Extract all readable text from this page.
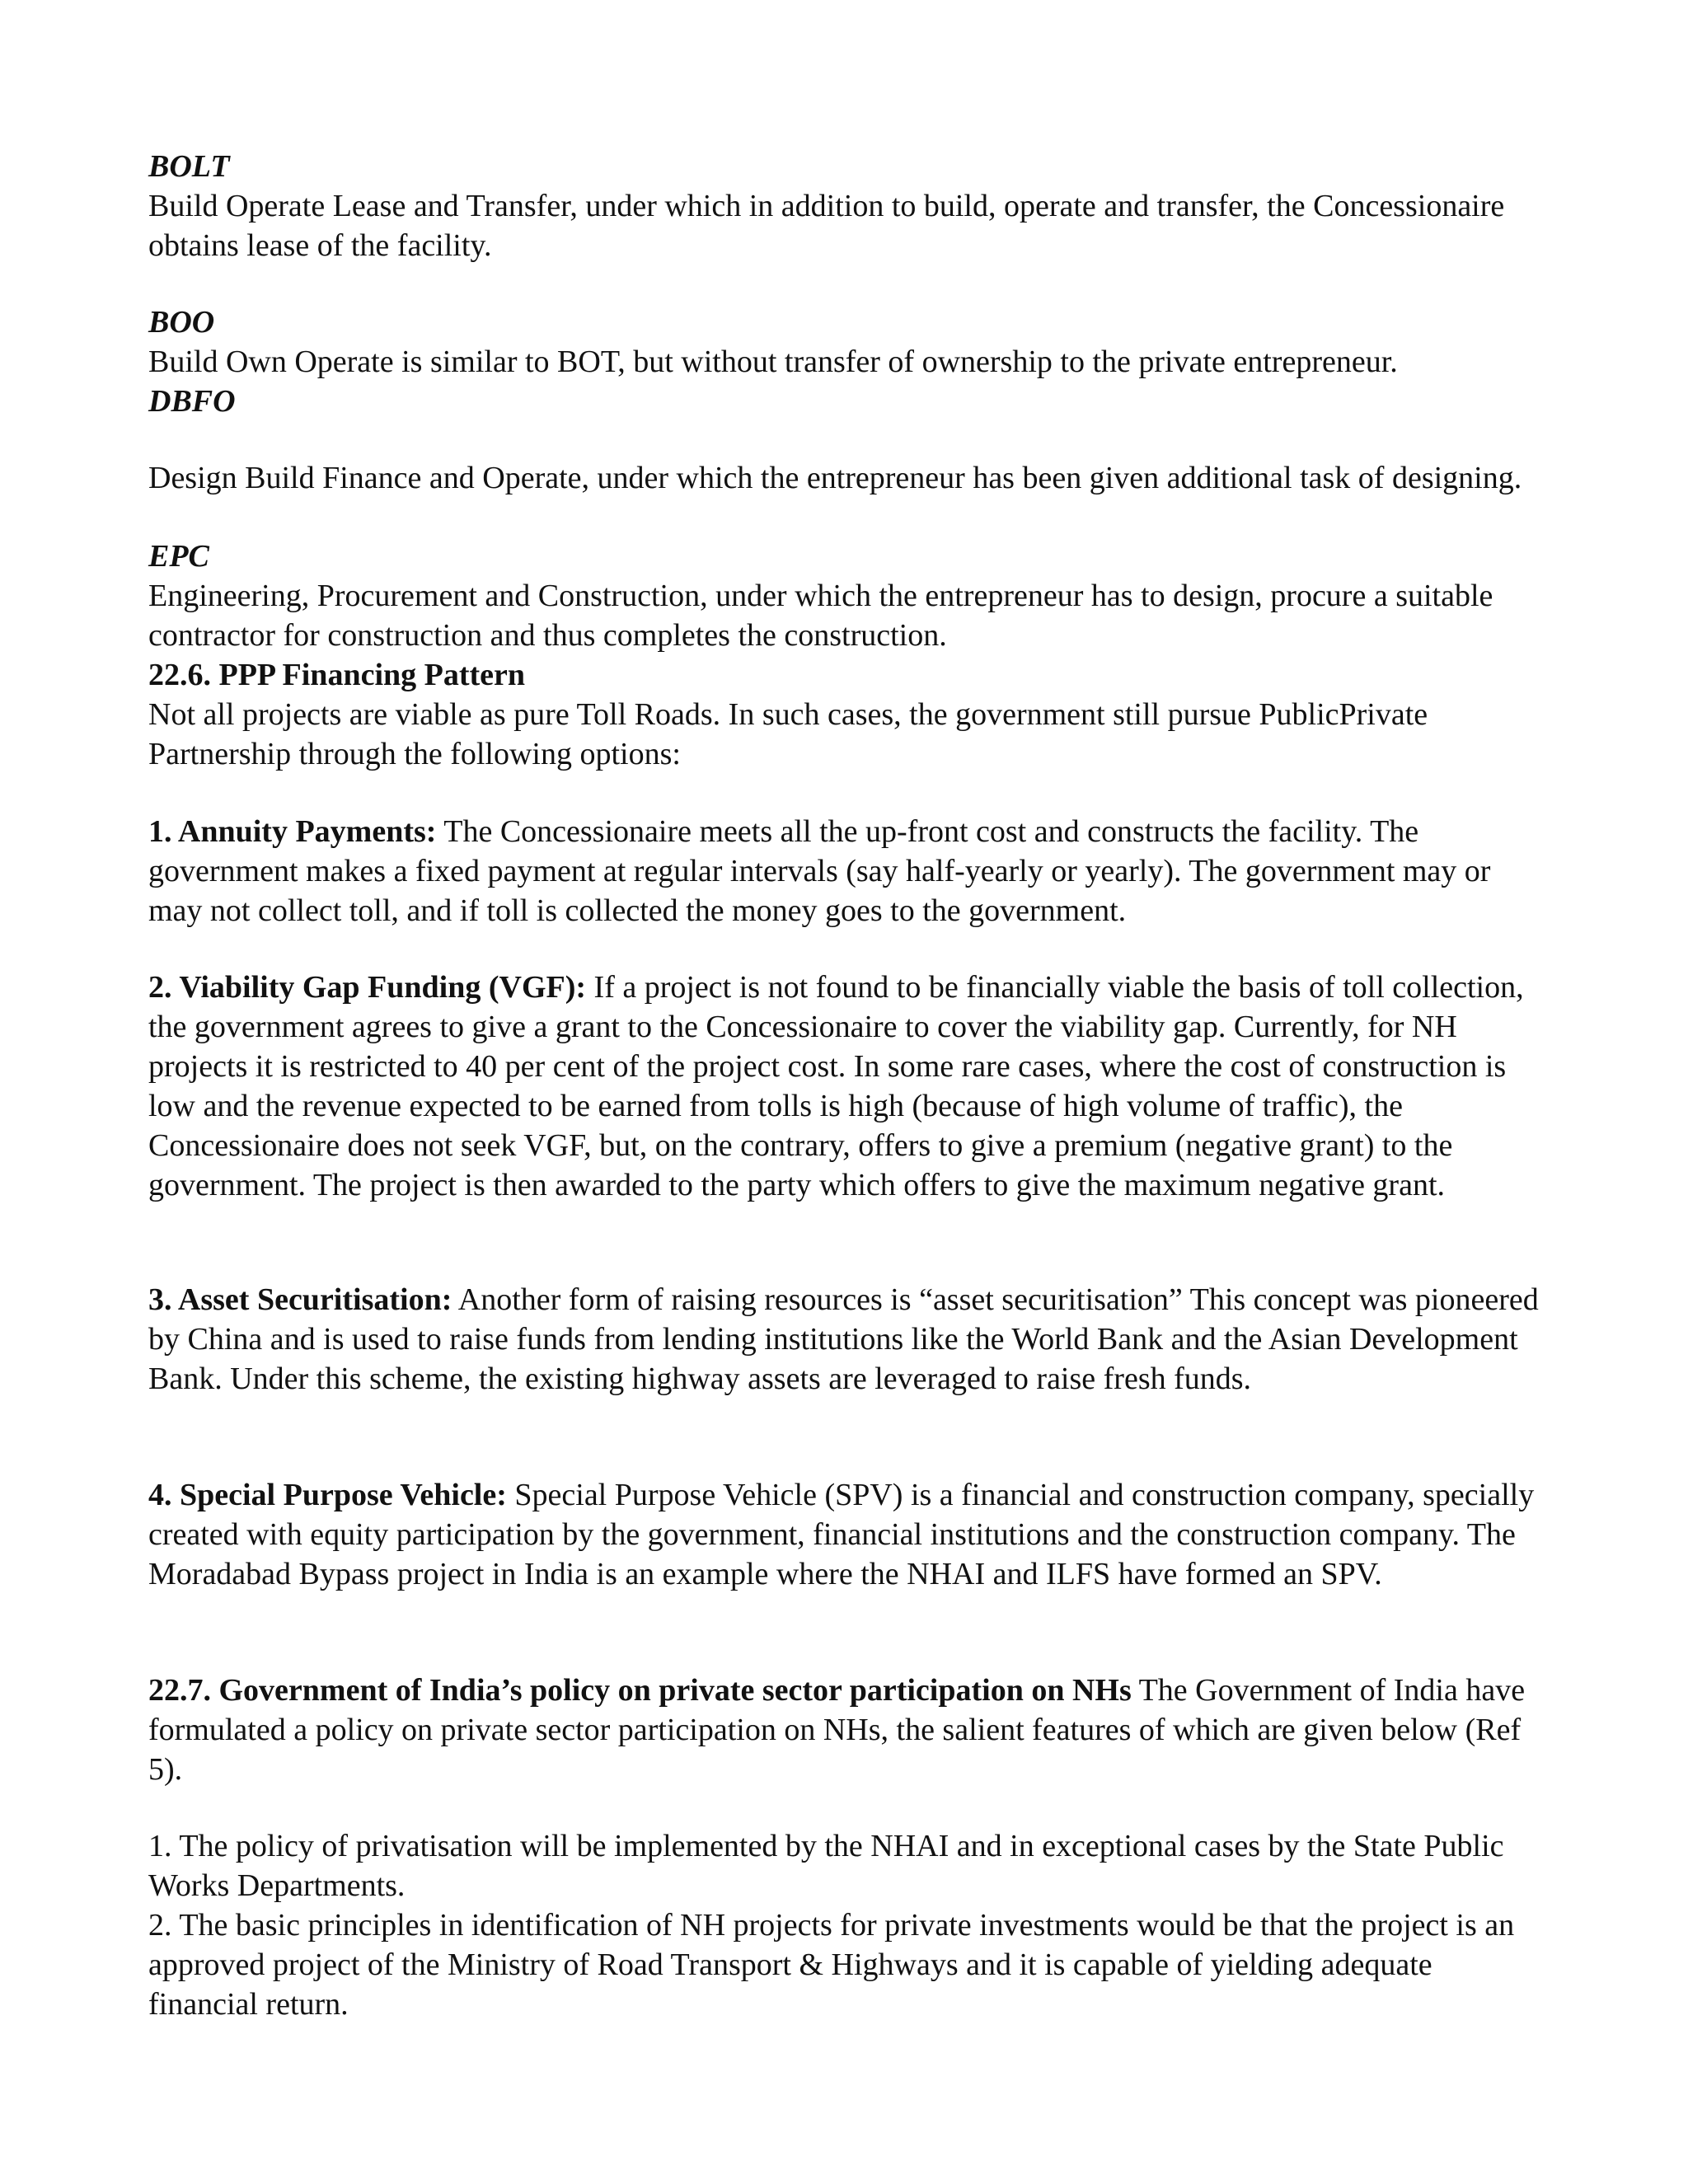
BOLT

Build Operate Lease and Transfer, under which in addition to build, operate and transfer, the Concessionaire obtains lease of the facility.

BOO

Build Own Operate is similar to BOT, but without transfer of ownership to the private entrepreneur.

DBFO

Design Build Finance and Operate, under which the entrepreneur has been given additional task of designing.

EPC

Engineering, Procurement and Construction, under which the entrepreneur has to design, procure a suitable contractor for construction and thus completes the construction.

22.6. PPP Financing Pattern

Not all projects are viable as pure Toll Roads. In such cases, the government still pursue PublicPrivate Partnership through the following options:

1. Annuity Payments: The Concessionaire meets all the up-front cost and constructs the facility. The government makes a fixed payment at regular intervals (say half-yearly or yearly). The government may or may not collect toll, and if toll is collected the money goes to the government.

2. Viability Gap Funding (VGF): If a project is not found to be financially viable the basis of toll collection, the government agrees to give a grant to the Concessionaire to cover the viability gap. Currently, for NH projects it is restricted to 40 per cent of the project cost. In some rare cases, where the cost of construction is low and the revenue expected to be earned from tolls is high (because of high volume of traffic), the Concessionaire does not seek VGF, but, on the contrary, offers to give a premium (negative grant) to the government. The project is then awarded to the party which offers to give the maximum negative grant.

3. Asset Securitisation: Another form of raising resources is “asset securitisation” This concept was pioneered by China and is used to raise funds from lending institutions like the World Bank and the Asian Development Bank. Under this scheme, the existing highway assets are leveraged to raise fresh funds.

4. Special Purpose Vehicle: Special Purpose Vehicle (SPV) is a financial and construction company, specially created with equity participation by the government, financial institutions and the construction company. The Moradabad Bypass project in India is an example where the NHAI and ILFS have formed an SPV.

22.7. Government of India’s policy on private sector participation on NHs The Government of India have formulated a policy on private sector participation on NHs, the salient features of which are given below (Ref 5).

1. The policy of privatisation will be implemented by the NHAI and in exceptional cases by the State Public Works Departments.

2. The basic principles in identification of NH projects for private investments would be that the project is an approved project of the Ministry of Road Transport & Highways and it is capable of yielding adequate financial return.
